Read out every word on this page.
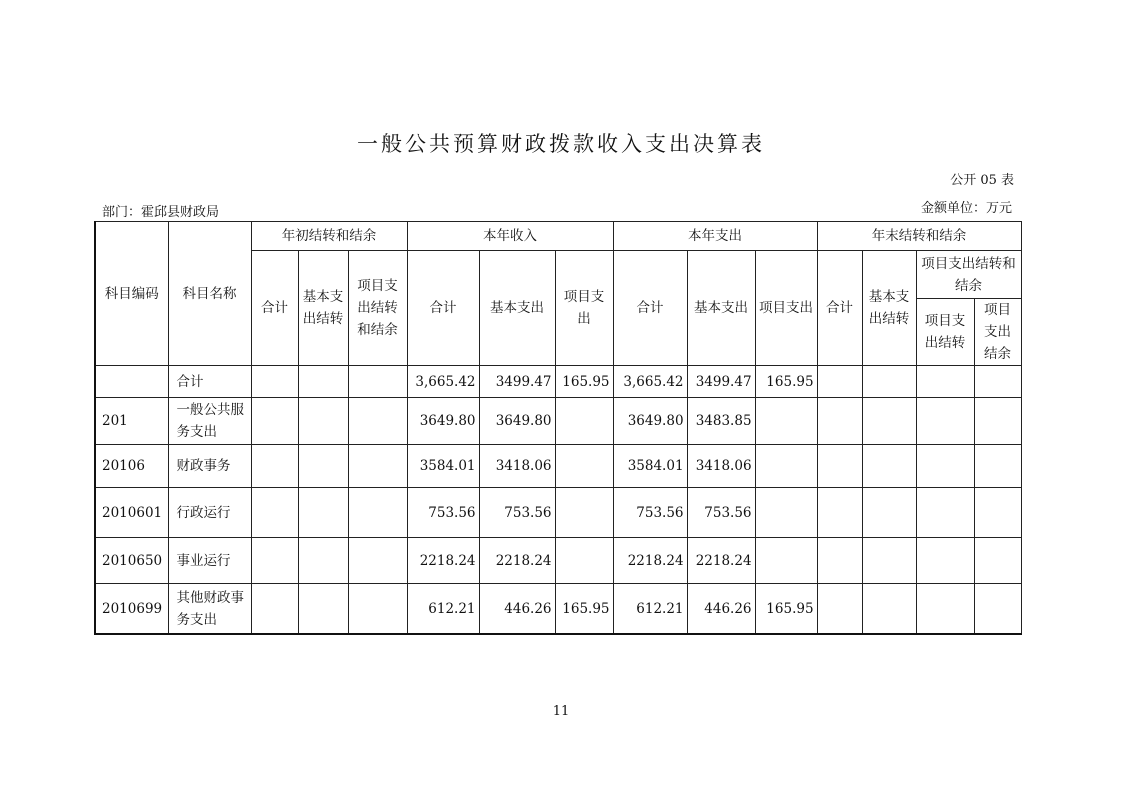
一般公共预算财政拨款收入支出决算表
公开 05 表
部门：霍邱县财政局	金额单位：万元
科目编码	科目名称	年初结转和结余			本年收入			本年支出			年末结转和结余			
		合计	基本支出结转	项目支出结转和结余	合计	基本支出	项目支出	合计	基本支出	项目支出	合计	基本支出结转	项目支出结转和结余	
													项目支出结转	项目支出结余
	合计				3,665.42	3499.47	165.95	3,665.42	3499.47	165.95				
201	一般公共服务支出				3649.80	3649.80		3649.80	3483.85					
20106	财政事务				3584.01	3418.06		3584.01	3418.06					
2010601	行政运行				753.56	753.56		753.56	753.56					
2010650	事业运行				2218.24	2218.24		2218.24	2218.24					
2010699	其他财政事务支出				612.21	446.26	165.95	612.21	446.26	165.95				
11
